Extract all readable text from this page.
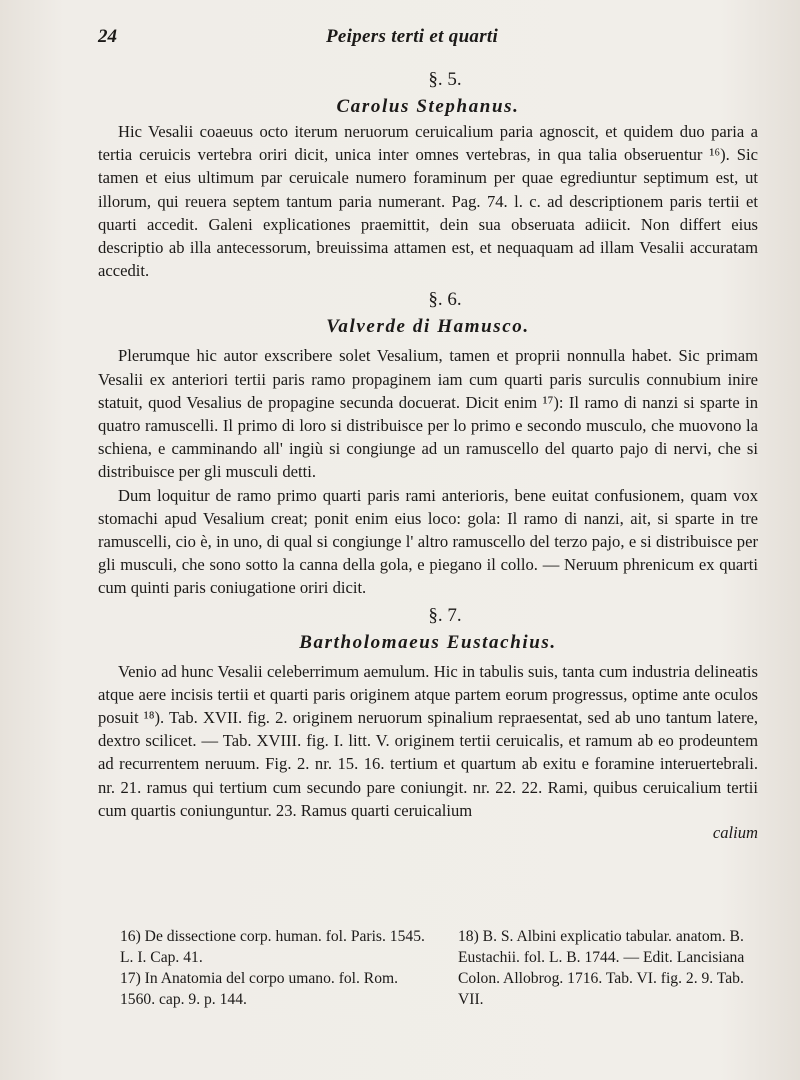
24	Peipers terti et quarti
§. 5.
Carolus Stephanus.

Hic Vesalii coaeuus octo iterum neruorum ceruicalium paria agnoscit, et quidem duo paria a tertia ceruicis vertebra oriri dicit, unica inter omnes vertebras, in qua talia obseruentur ¹⁶). Sic tamen et eius ultimum par ceruicale numero foraminum per quae egrediuntur septimum est, ut illorum, qui reuera septem tantum paria numerant. Pag. 74. l. c. ad descriptionem paris tertii et quarti accedit. Galeni explicationes praemittit, dein sua obseruata adiicit. Non differt eius descriptio ab illa antecessorum, breuissima attamen est, et nequaquam ad illam Vesalii accuratam accedit.

§. 6.
Valverde di Hamusco.

Plerumque hic autor exscribere solet Vesalium, tamen et proprii nonnulla habet. Sic primam Vesalii ex anteriori tertii paris ramo propaginem iam cum quarti paris surculis connubium inire statuit, quod Vesalius de propagine secunda docuerat. Dicit enim ¹⁷): Il ramo di nanzi si sparte in quatro ramuscelli. Il primo di loro si distribuisce per lo primo e secondo musculo, che muovono la schiena, e camminando all' ingiù si congiunge ad un ramuscello del quarto pajo di nervi, che si distribuisce per gli musculi detti.

Dum loquitur de ramo primo quarti paris rami anterioris, bene euitat confusionem, quam vox stomachi apud Vesalium creat; ponit enim eius loco: gola: Il ramo di nanzi, ait, si sparte in tre ramuscelli, cio è, in uno, di qual si congiunge l' altro ramuscello del terzo pajo, e si distribuisce per gli musculi, che sono sotto la canna della gola, e piegano il collo. — Neruum phrenicum ex quarti cum quinti paris coniugatione oriri dicit.

§. 7.
Bartholomaeus Eustachius.

Venio ad hunc Vesalii celeberrimum aemulum. Hic in tabulis suis, tanta cum industria delineatis atque aere incisis tertii et quarti paris originem atque partem eorum progressus, optime ante oculos posuit ¹⁸). Tab. XVII. fig. 2. originem neruorum spinalium repraesentat, sed ab uno tantum latere, dextro scilicet. — Tab. XVIII. fig. I. litt. V. originem tertii ceruicalis, et ramum ab eo prodeuntem ad recurrentem neruum. Fig. 2. nr. 15. 16. tertium et quartum ab exitu e foramine interuertebrali. nr. 21. ramus qui tertium cum secundo pare coniungit. nr. 22. 22. Rami, quibus ceruicalium tertii cum quartis coniunguntur. 23. Ramus quarti ceruicalium

calium
16) De dissectione corp. human. fol. Paris. 1545. L. I. Cap. 41.
17) In Anatomia del corpo umano. fol. Rom. 1560. cap. 9. p. 144.
18) B. S. Albini explicatio tabular. anatom. B. Eustachii. fol. L. B. 1744. — Edit. Lancisiana Colon. Allobrog. 1716. Tab. VI. fig. 2. 9. Tab. VII.
